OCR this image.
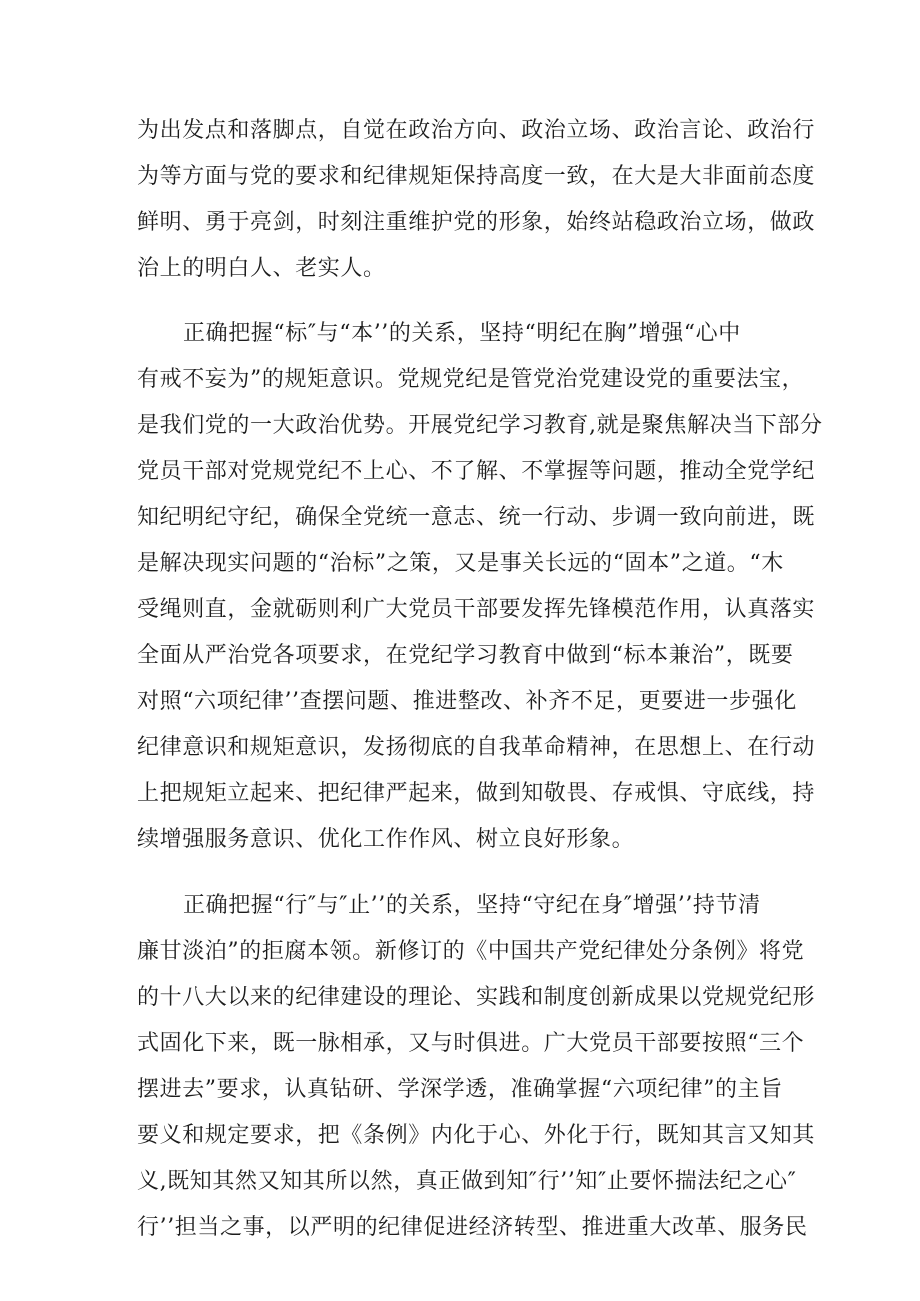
为出发点和落脚点，自觉在政治方向、政治立场、政治言论、政治行
为等方面与党的要求和纪律规矩保持高度一致，在大是大非面前态度
鲜明、勇于亮剑，时刻注重维护党的形象，始终站稳政治立场，做政
治上的明白人、老实人。
正确把握“标″与“本’’的关系，坚持“明纪在胸”增强“心中
有戒不妄为”的规矩意识。党规党纪是管党治党建设党的重要法宝，
是我们党的一大政治优势。开展党纪学习教育,就是聚焦解决当下部分
党员干部对党规党纪不上心、不了解、不掌握等问题，推动全党学纪
知纪明纪守纪，确保全党统一意志、统一行动、步调一致向前进，既
是解决现实问题的“治标”之策，又是事关长远的“固本”之道。“木
受绳则直，金就砺则利广大党员干部要发挥先锋模范作用，认真落实
全面从严治党各项要求，在党纪学习教育中做到“标本兼治”，既要
对照“六项纪律’’查摆问题、推进整改、补齐不足，更要进一步强化
纪律意识和规矩意识，发扬彻底的自我革命精神，在思想上、在行动
上把规矩立起来、把纪律严起来，做到知敬畏、存戒惧、守底线，持
续增强服务意识、优化工作作风、树立良好形象。
正确把握“行″与″止’’的关系，坚持“守纪在身″增强’’持节清
廉甘淡泊”的拒腐本领。新修订的《中国共产党纪律处分条例》将党
的十八大以来的纪律建设的理论、实践和制度创新成果以党规党纪形
式固化下来，既一脉相承，又与时俱进。广大党员干部要按照“三个
摆进去”要求，认真钻研、学深学透，准确掌握“六项纪律”的主旨
要义和规定要求，把《条例》内化于心、外化于行，既知其言又知其
义,既知其然又知其所以然，真正做到知″行’’知″止要怀揣法纪之心″
行’’担当之事，以严明的纪律促进经济转型、推进重大改革、服务民
